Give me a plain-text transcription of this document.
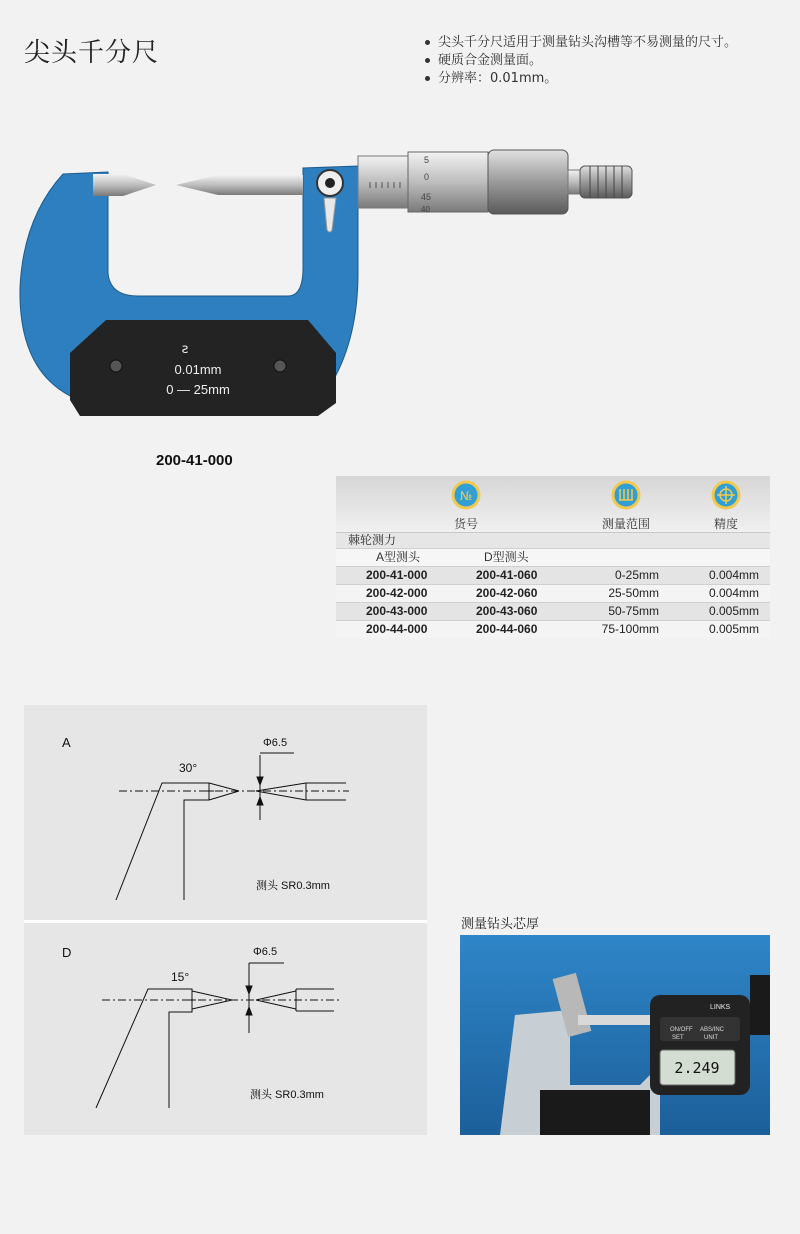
尖头千分尺	尖头千分尺适用于测量钻头沟槽等不易测量的尺寸。
硬质合金测量面。
分辨率：0.01mm。
5
0
45
40
ƨ
0.01mm
0 — 25mm
200-41-000
№
货号	测量范围	精度
棘轮测力
A型测头	D型测头
200-41-000	200-41-060	0-25mm	0.004mm
200-42-000	200-42-060	25-50mm	0.004mm
200-43-000	200-43-060	50-75mm	0.005mm
200-44-000	200-44-060	75-100mm	0.005mm
A
30°
Φ6.5
测头 SR0.3mm
D
15°
Φ6.5
测头 SR0.3mm
测量钻头芯厚
ON/OFF ABS/INC
SET	UNIT
LINKS
2.249
